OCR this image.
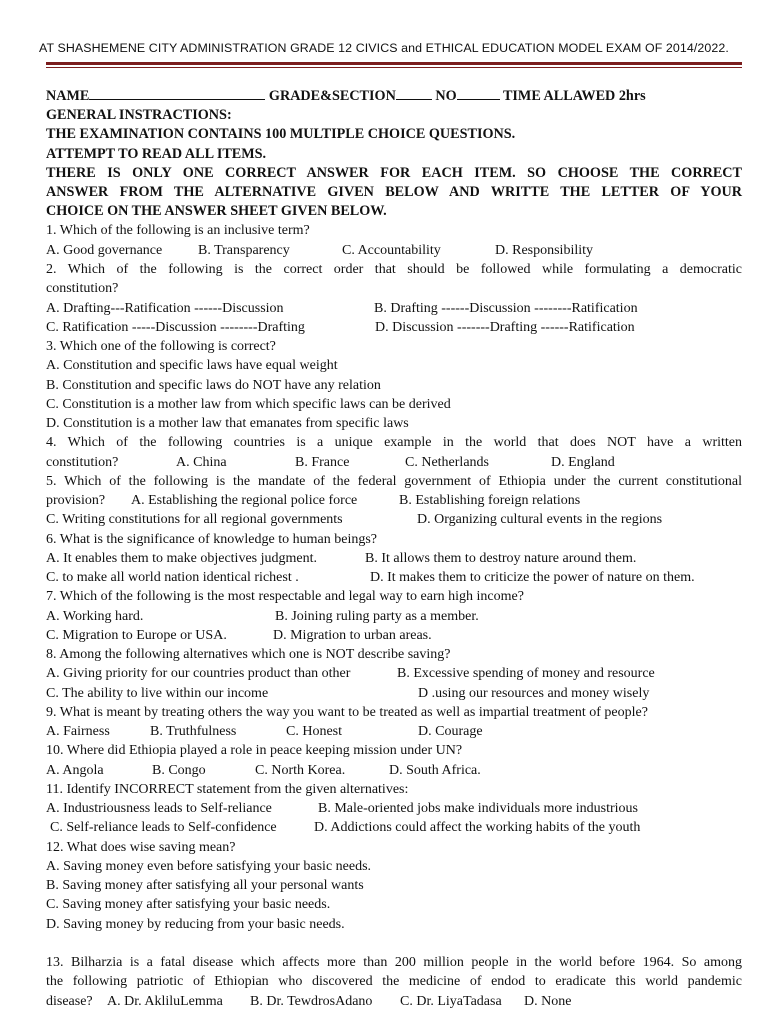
AT SHASHEMENE CITY ADMINISTRATION GRADE 12 CIVICS and ETHICAL EDUCATION MODEL EXAM OF 2014/2022.
NAME	GRADE&SECTION	NO	TIME ALLAWED 2hrs
GENERAL INSTRACTIONS:
THE EXAMINATION CONTAINS 100 MULTIPLE CHOICE QUESTIONS.
ATTEMPT TO READ ALL ITEMS.
THERE IS ONLY ONE CORRECT ANSWER FOR EACH ITEM. SO CHOOSE THE CORRECT
ANSWER FROM THE ALTERNATIVE GIVEN BELOW AND WRITTE THE LETTER OF YOUR
CHOICE ON THE ANSWER SHEET GIVEN BELOW.
1. Which of the following is an inclusive term?
A. Good governance	B. Transparency	C. Accountability	D. Responsibility
2. Which of the following is the correct order that should be followed while formulating a democratic
constitution?
A. Drafting---Ratification ------Discussion	B. Drafting ------Discussion --------Ratification
C. Ratification -----Discussion --------Drafting	D. Discussion -------Drafting ------Ratification
3. Which one of the following is correct?
A. Constitution and specific laws have equal weight
B. Constitution and specific laws do NOT have any relation
C. Constitution is a mother law from which specific laws can be derived
D. Constitution is a mother law that emanates from specific laws
4. Which of the following countries is a unique example in the world that does NOT have a written
constitution?	A. China	B. France	C. Netherlands	D. England
5. Which of the following is the mandate of the federal government of Ethiopia under the current constitutional
provision? A. Establishing the regional police force	B. Establishing foreign relations
C. Writing constitutions for all regional governments	D. Organizing cultural events in the regions
6. What is the significance of knowledge to human beings?
A. It enables them to make objectives judgment.	B. It allows them to destroy nature around them.
C. to make all world nation identical richest .	D. It makes them to criticize the power of nature on them.
7. Which of the following is the most respectable and legal way to earn high income?
A. Working hard.	B. Joining ruling party as a member.
C. Migration to Europe or USA.	D. Migration to urban areas.
8. Among the following alternatives which one is NOT describe saving?
A. Giving priority for our countries product than other	B. Excessive spending of money and resource
C. The ability to live within our income	D .using our resources and money wisely
9. What is meant by treating others the way you want to be treated as well as impartial treatment of people?
A. Fairness	B. Truthfulness	C. Honest	D. Courage
10. Where did Ethiopia played a role in peace keeping mission under UN?
A. Angola	B. Congo	C. North Korea.	D. South Africa.
11. Identify INCORRECT statement from the given alternatives:
A. Industriousness leads to Self-reliance	B. Male-oriented jobs make individuals more industrious
C. Self-reliance leads to Self-confidence	D. Addictions could affect the working habits of the youth
12. What does wise saving mean?
A. Saving money even before satisfying your basic needs.
B. Saving money after satisfying all your personal wants
C. Saving money after satisfying your basic needs.
D. Saving money by reducing from your basic needs.
13. Bilharzia is a fatal disease which affects more than 200 million people in the world before 1964. So among
the following patriotic of Ethiopian who discovered the medicine of endod to eradicate this world pandemic
disease? A. Dr. AkliluLemma B. Dr. TewdrosAdano C. Dr. LiyaTadasa D. None
